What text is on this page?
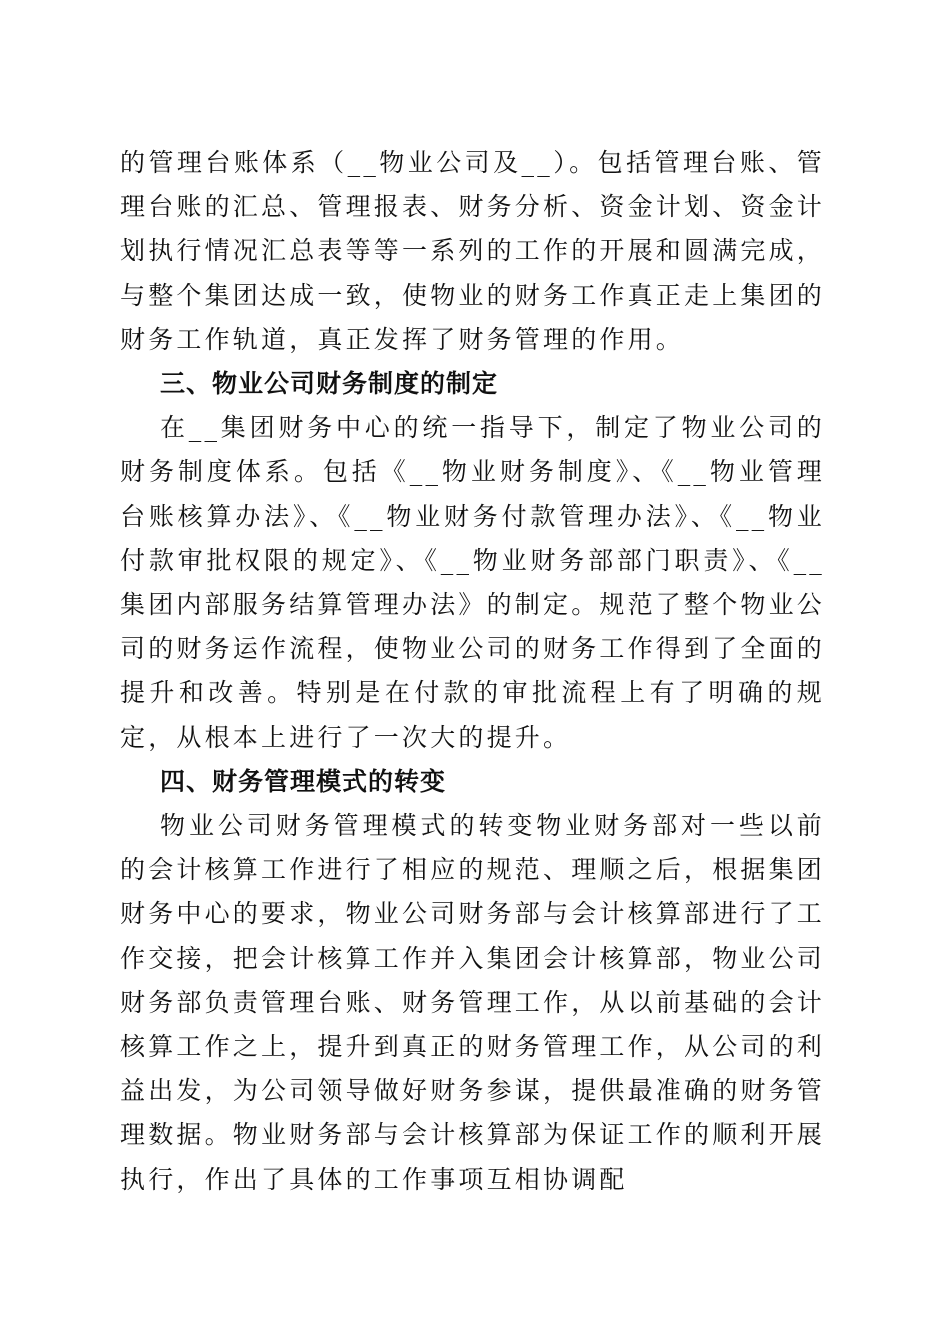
的管理台账体系（__物业公司及__）。包括管理台账、管理台账的汇总、管理报表、财务分析、资金计划、资金计划执行情况汇总表等等一系列的工作的开展和圆满完成，与整个集团达成一致，使物业的财务工作真正走上集团的财务工作轨道，真正发挥了财务管理的作用。

三、物业公司财务制度的制定

在__集团财务中心的统一指导下，制定了物业公司的财务制度体系。包括《__物业财务制度》、《__物业管理台账核算办法》、《__物业财务付款管理办法》、《__物业付款审批权限的规定》、《__物业财务部部门职责》、《__集团内部服务结算管理办法》的制定。规范了整个物业公司的财务运作流程，使物业公司的财务工作得到了全面的提升和改善。特别是在付款的审批流程上有了明确的规定，从根本上进行了一次大的提升。

四、财务管理模式的转变

物业公司财务管理模式的转变物业财务部对一些以前的会计核算工作进行了相应的规范、理顺之后，根据集团财务中心的要求，物业公司财务部与会计核算部进行了工作交接，把会计核算工作并入集团会计核算部，物业公司财务部负责管理台账、财务管理工作，从以前基础的会计核算工作之上，提升到真正的财务管理工作，从公司的利益出发，为公司领导做好财务参谋，提供最准确的财务管理数据。物业财务部与会计核算部为保证工作的顺利开展执行，作出了具体的工作事项互相协调配
